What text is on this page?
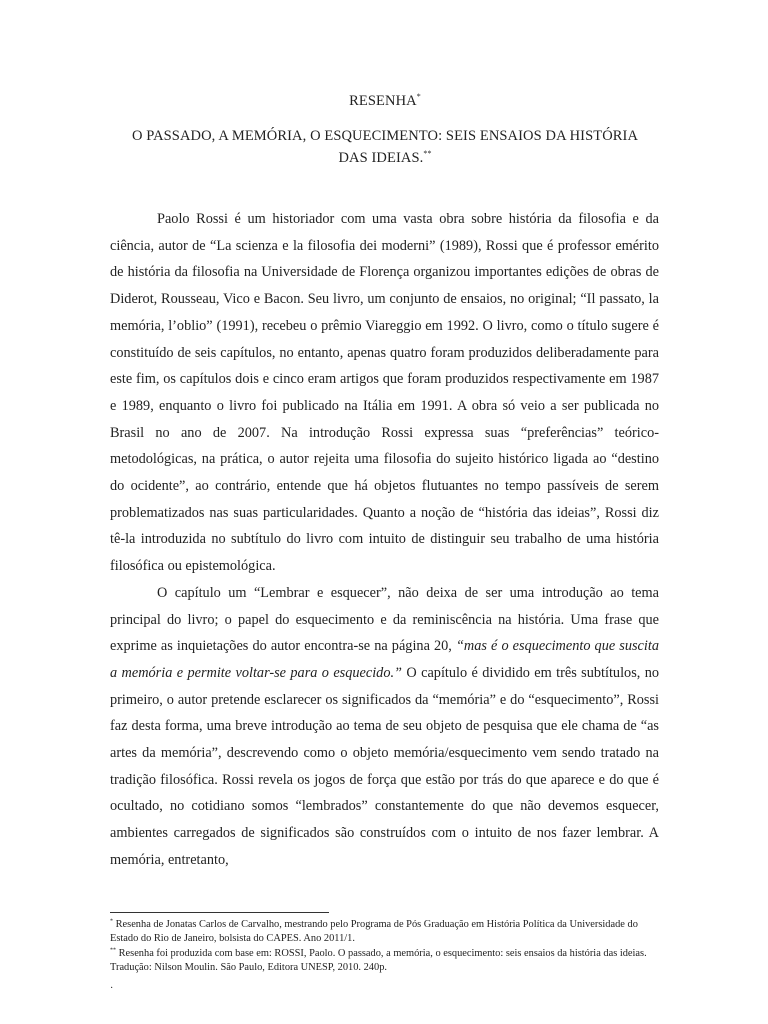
RESENHA*
O PASSADO, A MEMÓRIA, O ESQUECIMENTO: SEIS ENSAIOS DA HISTÓRIA
DAS IDEIAS.**

Paolo Rossi é um historiador com uma vasta obra sobre história da filosofia e da ciência, autor de “La scienza e la filosofia dei moderni” (1989), Rossi que é professor emérito de história da filosofia na Universidade de Florença organizou importantes edições de obras de Diderot, Rousseau, Vico e Bacon. Seu livro, um conjunto de ensaios, no original; “Il passato, la memória, l’oblio” (1991), recebeu o prêmio Viareggio em 1992. O livro, como o título sugere é constituído de seis capítulos, no entanto, apenas quatro foram produzidos deliberadamente para este fim, os capítulos dois e cinco eram artigos que foram produzidos respectivamente em 1987 e 1989, enquanto o livro foi publicado na Itália em 1991. A obra só veio a ser publicada no Brasil no ano de 2007. Na introdução Rossi expressa suas “preferências” teórico-metodológicas, na prática, o autor rejeita uma filosofia do sujeito histórico ligada ao “destino do ocidente”, ao contrário, entende que há objetos flutuantes no tempo passíveis de serem problematizados nas suas particularidades. Quanto a noção de “história das ideias”, Rossi diz tê-la introduzida no subtítulo do livro com intuito de distinguir seu trabalho de uma história filosófica ou epistemológica.

O capítulo um “Lembrar e esquecer”, não deixa de ser uma introdução ao tema principal do livro; o papel do esquecimento e da reminiscência na história. Uma frase que exprime as inquietações do autor encontra-se na página 20, “mas é o esquecimento que suscita a memória e permite voltar-se para o esquecido.” O capítulo é dividido em três subtítulos, no primeiro, o autor pretende esclarecer os significados da “memória” e do “esquecimento”, Rossi faz desta forma, uma breve introdução ao tema de seu objeto de pesquisa que ele chama de “as artes da memória”, descrevendo como o objeto memória/esquecimento vem sendo tratado na tradição filosófica. Rossi revela os jogos de força que estão por trás do que aparece e do que é ocultado, no cotidiano somos “lembrados” constantemente do que não devemos esquecer, ambientes carregados de significados são construídos com o intuito de nos fazer lembrar. A memória, entretanto,

* Resenha de Jonatas Carlos de Carvalho, mestrando pelo Programa de Pós Graduação em História Política da Universidade do Estado do Rio de Janeiro, bolsista do CAPES. Ano 2011/1.

** Resenha foi produzida com base em: ROSSI, Paolo. O passado, a memória, o esquecimento: seis ensaios da história das ideias. Tradução: Nilson Moulin. São Paulo, Editora UNESP, 2010. 240p.

·
